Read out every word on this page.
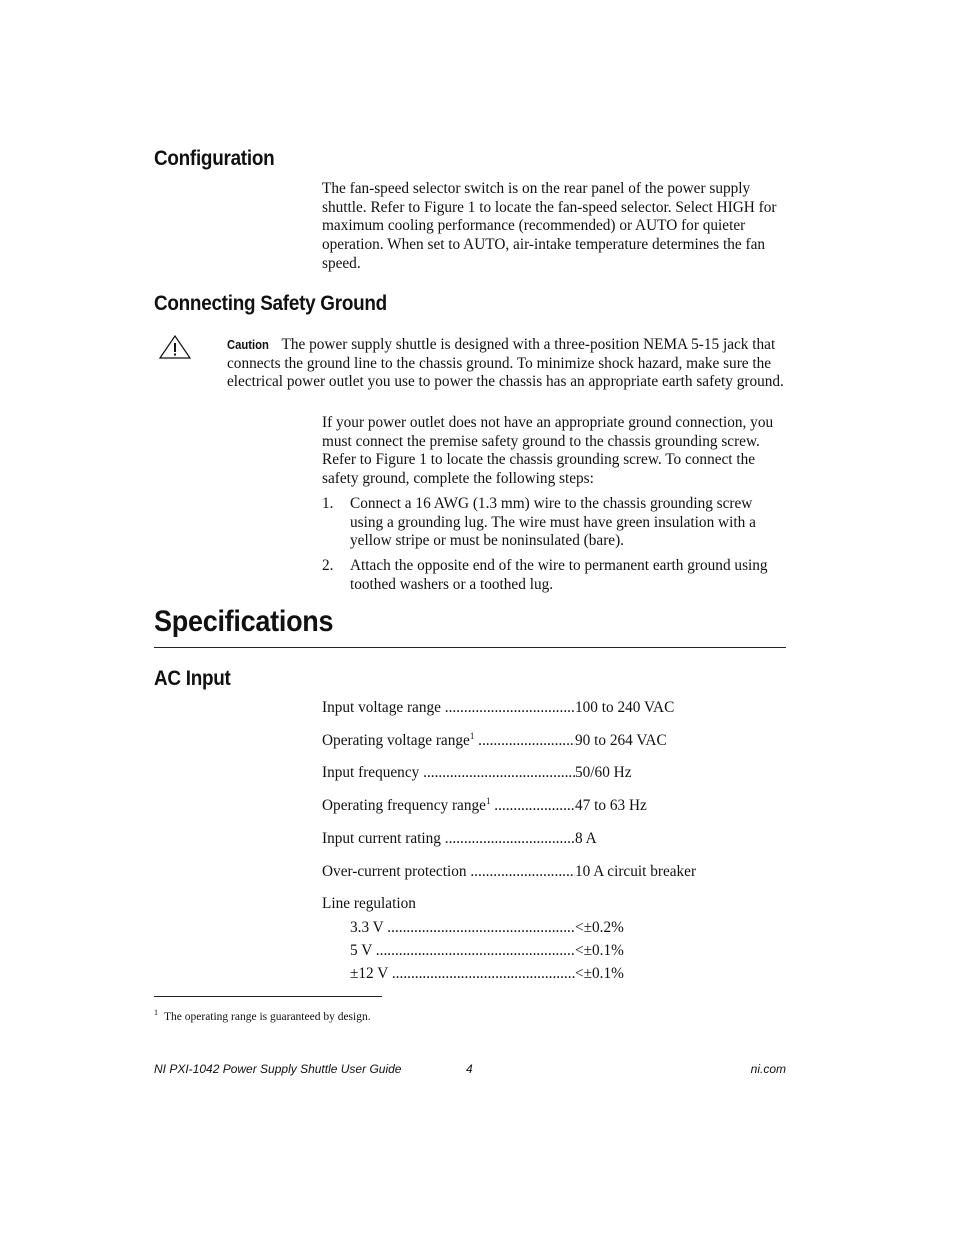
Configuration

The fan-speed selector switch is on the rear panel of the power supply shuttle. Refer to Figure 1 to locate the fan-speed selector. Select HIGH for maximum cooling performance (recommended) or AUTO for quieter operation. When set to AUTO, air-intake temperature determines the fan speed.

Connecting Safety Ground

Caution The power supply shuttle is designed with a three-position NEMA 5-15 jack that connects the ground line to the chassis ground. To minimize shock hazard, make sure the electrical power outlet you use to power the chassis has an appropriate earth safety ground.

If your power outlet does not have an appropriate ground connection, you must connect the premise safety ground to the chassis grounding screw. Refer to Figure 1 to locate the chassis grounding screw. To connect the safety ground, complete the following steps:

1. Connect a 16 AWG (1.3 mm) wire to the chassis grounding screw using a grounding lug. The wire must have green insulation with a yellow stripe or must be noninsulated (bare).
2. Attach the opposite end of the wire to permanent earth ground using toothed washers or a toothed lug.
Specifications
AC Input
Input voltage range .....	100 to 240 VAC
Operating voltage range$^1$ .....	90 to 264 VAC
Input frequency .....	50/60 Hz
Operating frequency range$^1$ .....	47 to 63 Hz
Input current rating .....	8 A
Over-current protection .....	10 A circuit breaker
Line regulation
3.3 V .....	<±0.2%
5 V .....	<±0.1%
±12 V .....	<±0.1%
$^1$ The operating range is guaranteed by design.
NI PXI-1042 Power Supply Shuttle User Guide	4	ni.com
